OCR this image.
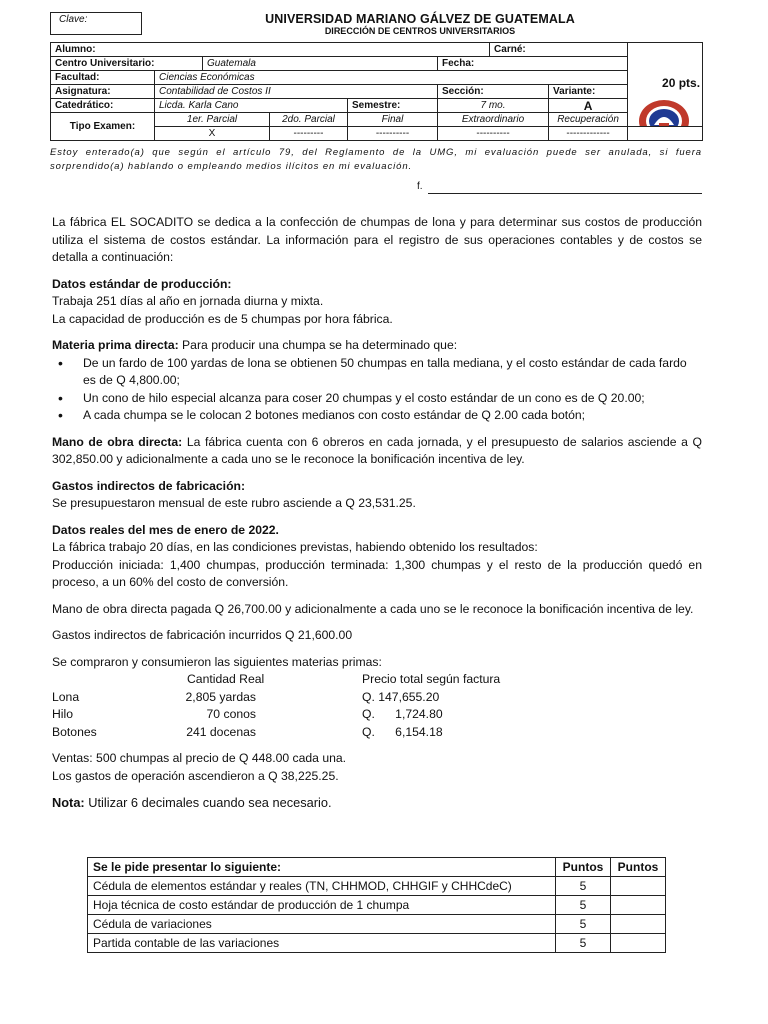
Clave:	UNIVERSIDAD MARIANO GÁLVEZ DE GUATEMALA
DIRECCIÓN DE CENTROS UNIVERSITARIOS
Alumno:						Carné:		20 pts.

Centro Universitario:		Guatemala			Fecha:			
Facultad:	Ciencias Económicas							
Asignatura:	Contabilidad de Costos II				Sección:		Variante:	
Catedrático:	Licda. Karla Cano			Semestre:	7 mo.		A	
Tipo Examen:	1er. Parcial		2do. Parcial	Final	Extraordinario		Recuperación	
	X		---------	----------	----------		-------------	
Estoy enterado(a) que según el artículo 79, del Reglamento de la UMG, mi evaluación puede ser anulada, si fuera sorprendido(a) hablando o empleando medios ilícitos en mi evaluación.
f.

La fábrica EL SOCADITO se dedica a la confección de chumpas de lona y para determinar sus costos de producción utiliza el sistema de costos estándar. La información para el registro de sus operaciones contables y de costos se detalla a continuación:

Datos estándar de producción:

Trabaja 251 días al año en jornada diurna y mixta.

La capacidad de producción es de 5 chumpas por hora fábrica.

Materia prima directa: Para producir una chumpa se ha determinado que:

• De un fardo de 100 yardas de lona se obtienen 50 chumpas en talla mediana, y el costo estándar de cada fardo es de Q 4,800.00;
• Un cono de hilo especial alcanza para coser 20 chumpas y el costo estándar de un cono es de Q 20.00;
• A cada chumpa se le colocan 2 botones medianos con costo estándar de Q 2.00 cada botón;

Mano de obra directa: La fábrica cuenta con 6 obreros en cada jornada, y el presupuesto de salarios asciende a Q 302,850.00 y adicionalmente a cada uno se le reconoce la bonificación incentiva de ley.

Gastos indirectos de fabricación:

Se presupuestaron mensual de este rubro asciende a Q 23,531.25.

Datos reales del mes de enero de 2022.

La fábrica trabajo 20 días, en las condiciones previstas, habiendo obtenido los resultados:

Producción iniciada: 1,400 chumpas, producción terminada: 1,300 chumpas y el resto de la producción quedó en proceso, a un 60% del costo de conversión.

Mano de obra directa pagada Q 26,700.00 y adicionalmente a cada uno se le reconoce la bonificación incentiva de ley.

Gastos indirectos de fabricación incurridos Q 21,600.00

Se compraron y consumieron las siguientes materias primas:

	Cantidad Real	Precio total según factura
Lona	2,805 yardas	Q. 147,655.20
Hilo	70 conos	Q.      1,724.80
Botones	241 docenas	Q.      6,154.18

Ventas: 500 chumpas al precio de Q 448.00 cada una.

Los gastos de operación ascendieron a Q 38,225.25.

Nota: Utilizar 6 decimales cuando sea necesario.

Se le pide presentar lo siguiente:	Puntos	Puntos
Cédula de elementos estándar y reales (TN, CHHMOD, CHHGIF y CHHCdeC)	5	
Hoja técnica de costo estándar de producción de 1 chumpa	5	
Cédula de variaciones	5	
Partida contable de las variaciones	5	
